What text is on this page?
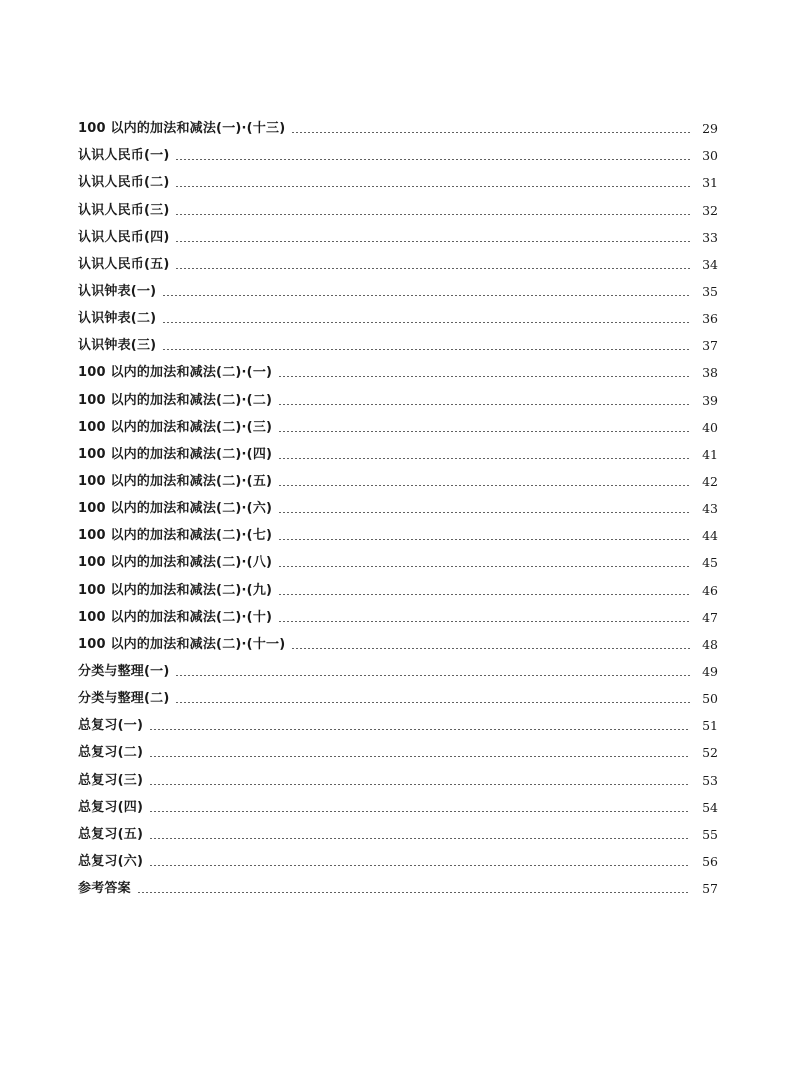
100 以内的加法和减法(一)·(十三)	29
认识人民币(一)	30
认识人民币(二)	31
认识人民币(三)	32
认识人民币(四)	33
认识人民币(五)	34
认识钟表(一)	35
认识钟表(二)	36
认识钟表(三)	37
100 以内的加法和减法(二)·(一)	38
100 以内的加法和减法(二)·(二)	39
100 以内的加法和减法(二)·(三)	40
100 以内的加法和减法(二)·(四)	41
100 以内的加法和减法(二)·(五)	42
100 以内的加法和减法(二)·(六)	43
100 以内的加法和减法(二)·(七)	44
100 以内的加法和减法(二)·(八)	45
100 以内的加法和减法(二)·(九)	46
100 以内的加法和减法(二)·(十)	47
100 以内的加法和减法(二)·(十一)	48
分类与整理(一)	49
分类与整理(二)	50
总复习(一)	51
总复习(二)	52
总复习(三)	53
总复习(四)	54
总复习(五)	55
总复习(六)	56
参考答案	57
